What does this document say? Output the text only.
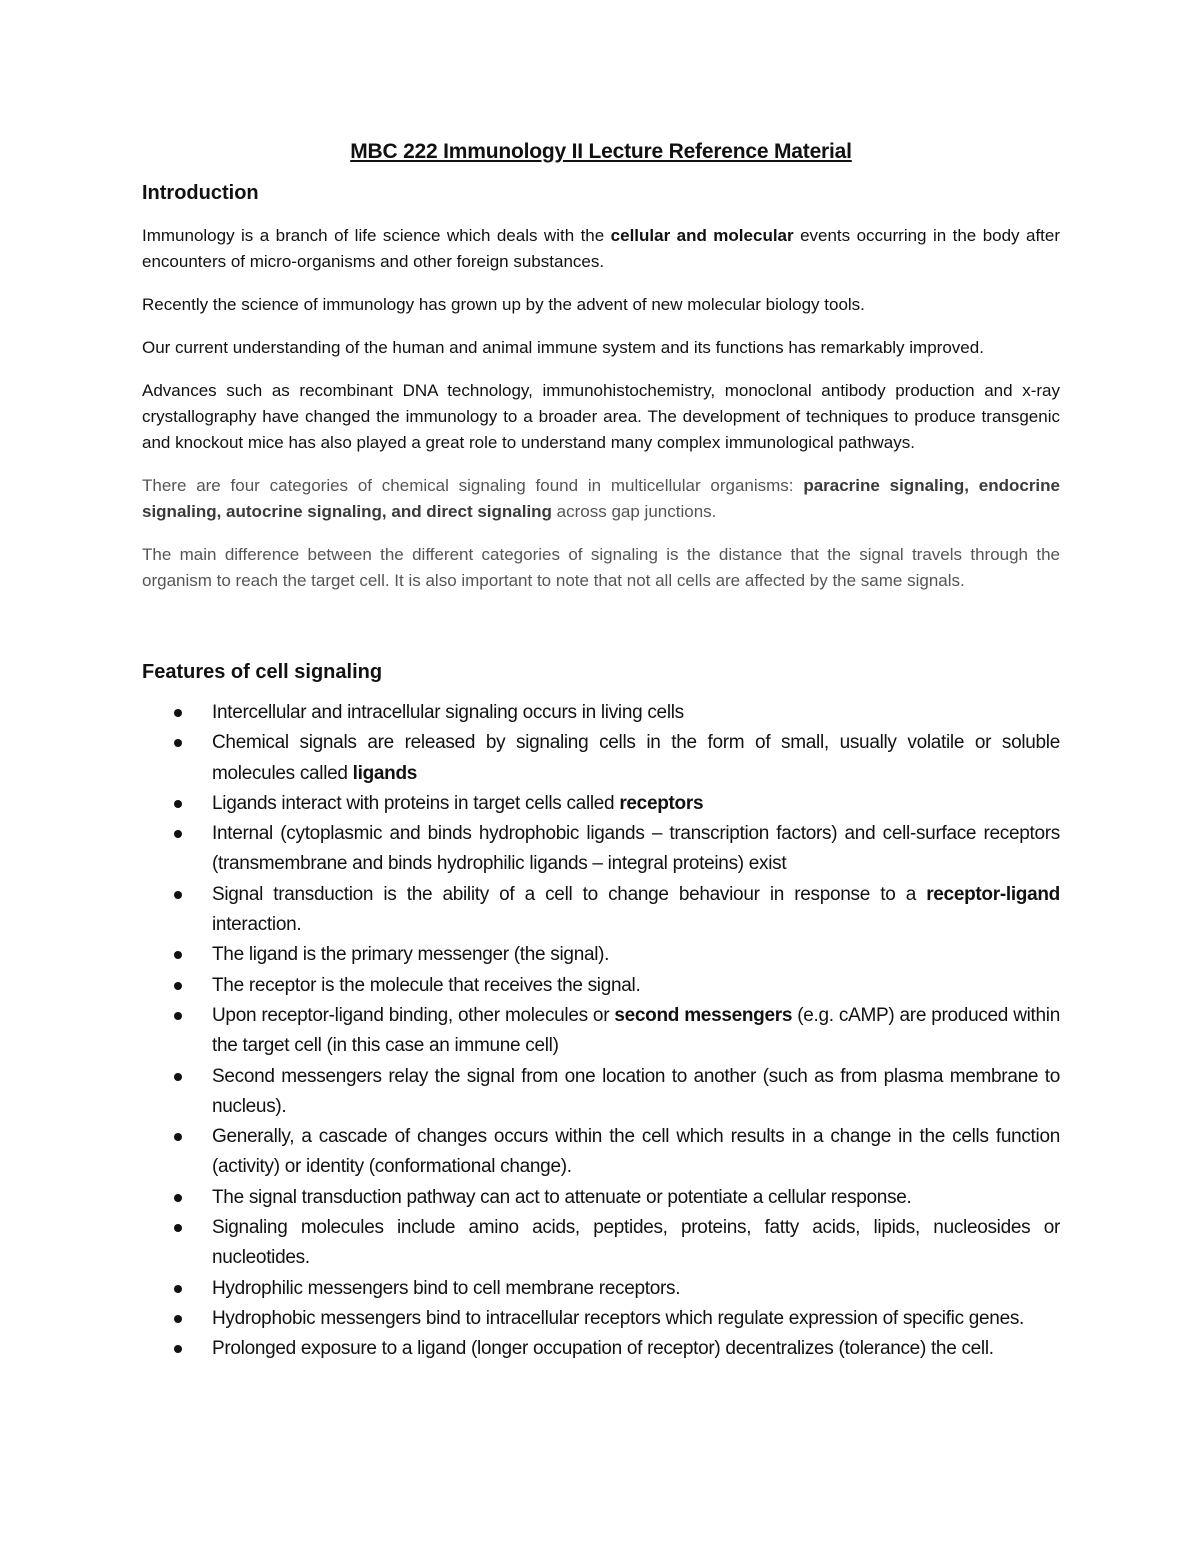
MBC 222 Immunology II Lecture Reference Material
Introduction

Immunology is a branch of life science which deals with the cellular and molecular events occurring in the body after encounters of micro-organisms and other foreign substances.

Recently the science of immunology has grown up by the advent of new molecular biology tools.

Our current understanding of the human and animal immune system and its functions has remarkably improved.

Advances such as recombinant DNA technology, immunohistochemistry, monoclonal antibody production and x-ray crystallography have changed the immunology to a broader area. The development of techniques to produce transgenic and knockout mice has also played a great role to understand many complex immunological pathways.

There are four categories of chemical signaling found in multicellular organisms: paracrine signaling, endocrine signaling, autocrine signaling, and direct signaling across gap junctions.

The main difference between the different categories of signaling is the distance that the signal travels through the organism to reach the target cell. It is also important to note that not all cells are affected by the same signals.

Features of cell signaling
Intercellular and intracellular signaling occurs in living cells
Chemical signals are released by signaling cells in the form of small, usually volatile or soluble molecules called ligands
Ligands interact with proteins in target cells called receptors
Internal (cytoplasmic and binds hydrophobic ligands – transcription factors) and cell-surface receptors (transmembrane and binds hydrophilic ligands – integral proteins) exist
Signal transduction is the ability of a cell to change behaviour in response to a receptor-ligand interaction.
The ligand is the primary messenger (the signal).
The receptor is the molecule that receives the signal.
Upon receptor-ligand binding, other molecules or second messengers (e.g. cAMP) are produced within the target cell (in this case an immune cell)
Second messengers relay the signal from one location to another (such as from plasma membrane to nucleus).
Generally, a cascade of changes occurs within the cell which results in a change in the cells function (activity) or identity (conformational change).
The signal transduction pathway can act to attenuate or potentiate a cellular response.
Signaling molecules include amino acids, peptides, proteins, fatty acids, lipids, nucleosides or nucleotides.
Hydrophilic messengers bind to cell membrane receptors.
Hydrophobic messengers bind to intracellular receptors which regulate expression of specific genes.
Prolonged exposure to a ligand (longer occupation of receptor) decentralizes (tolerance) the cell.
